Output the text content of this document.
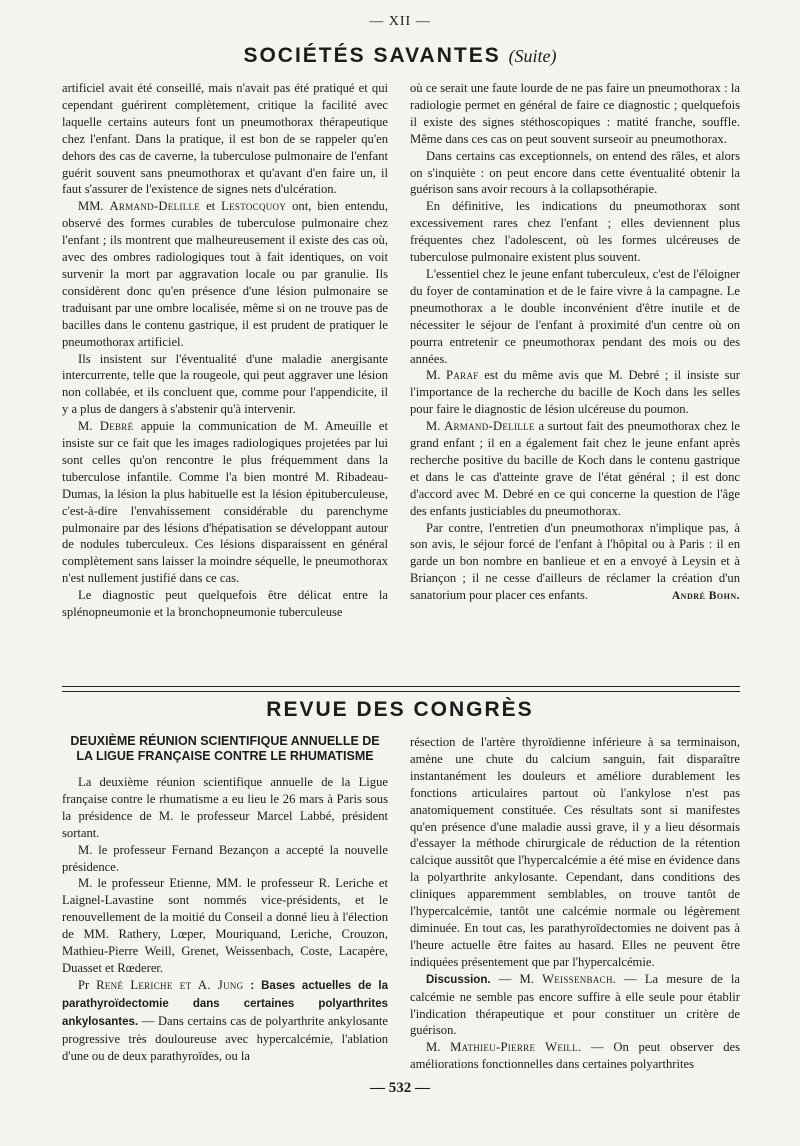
— XII —
SOCIÉTÉS SAVANTES (Suite)

artificiel avait été conseillé, mais n'avait pas été pratiqué et qui cependant guérirent complètement, critique la facilité avec laquelle certains auteurs font un pneumothorax thérapeutique chez l'enfant. Dans la pratique, il est bon de se rappeler qu'en dehors des cas de caverne, la tuberculose pulmonaire de l'enfant guérit souvent sans pneumothorax et qu'avant d'en faire un, il faut s'assurer de l'existence de signes nets d'ulcération.

MM. Armand-Delille et Lestocquoy ont, bien entendu, observé des formes curables de tuberculose pulmonaire chez l'enfant ; ils montrent que malheureusement il existe des cas où, avec des ombres radiologiques tout à fait identiques, on voit survenir la mort par aggravation locale ou par granulie. Ils considèrent donc qu'en présence d'une lésion pulmonaire se traduisant par une ombre localisée, même si on ne trouve pas de bacilles dans le contenu gastrique, il est prudent de pratiquer le pneumothorax artificiel.

Ils insistent sur l'éventualité d'une maladie anergisante intercurrente, telle que la rougeole, qui peut aggraver une lésion non collabée, et ils concluent que, comme pour l'appendicite, il y a plus de dangers à s'abstenir qu'à intervenir.

M. Debré appuie la communication de M. Ameuille et insiste sur ce fait que les images radiologiques projetées par lui sont celles qu'on rencontre le plus fréquemment dans la tuberculose infantile. Comme l'a bien montré M. Ribadeau-Dumas, la lésion la plus habituelle est la lésion épituberculeuse, c'est-à-dire l'envahissement considérable du parenchyme pulmonaire par des lésions d'hépatisation se développant autour de nodules tuberculeux. Ces lésions disparaissent en général complètement sans laisser la moindre séquelle, le pneumothorax n'est nullement justifié dans ce cas.

Le diagnostic peut quelquefois être délicat entre la splénopneumonie et la bronchopneumonie tuberculeuse

où ce serait une faute lourde de ne pas faire un pneumothorax : la radiologie permet en général de faire ce diagnostic ; quelquefois il existe des signes stéthoscopiques : matité franche, souffle. Même dans ces cas on peut souvent surseoir au pneumothorax.

Dans certains cas exceptionnels, on entend des râles, et alors on s'inquiète : on peut encore dans cette éventualité obtenir la guérison sans avoir recours à la collapsothérapie.

En définitive, les indications du pneumothorax sont excessivement rares chez l'enfant ; elles deviennent plus fréquentes chez l'adolescent, où les formes ulcéreuses de tuberculose pulmonaire existent plus souvent.

L'essentiel chez le jeune enfant tuberculeux, c'est de l'éloigner du foyer de contamination et de le faire vivre à la campagne. Le pneumothorax a le double inconvénient d'être inutile et de nécessiter le séjour de l'enfant à proximité d'un centre où on pourra entretenir ce pneumothorax pendant des mois ou des années.

M. Paraf est du même avis que M. Debré ; il insiste sur l'importance de la recherche du bacille de Koch dans les selles pour faire le diagnostic de lésion ulcéreuse du poumon.

M. Armand-Delille a surtout fait des pneumothorax chez le grand enfant ; il en a également fait chez le jeune enfant après recherche positive du bacille de Koch dans le contenu gastrique et dans le cas d'atteinte grave de l'état général ; il est donc d'accord avec M. Debré en ce qui concerne la question de l'âge des enfants justiciables du pneumothorax.

Par contre, l'entretien d'un pneumothorax n'implique pas, à son avis, le séjour forcé de l'enfant à l'hôpital ou à Paris : il en garde un bon nombre en banlieue et en a envoyé à Leysin et à Briançon ; il ne cesse d'ailleurs de réclamer la création d'un sanatorium pour placer ces enfants.	André Bohn.
REVUE DES CONGRÈS
DEUXIÈME RÉUNION SCIENTIFIQUE ANNUELLE DE LA LIGUE FRANÇAISE CONTRE LE RHUMATISME

La deuxième réunion scientifique annuelle de la Ligue française contre le rhumatisme a eu lieu le 26 mars à Paris sous la présidence de M. le professeur Marcel Labbé, président sortant.

M. le professeur Fernand Bezançon a accepté la nouvelle présidence.

M. le professeur Etienne, MM. le professeur R. Leriche et Laignel-Lavastine sont nommés vice-présidents, et le renouvellement de la moitié du Conseil a donné lieu à l'élection de MM. Rathery, Lœper, Mouriquand, Leriche, Crouzon, Mathieu-Pierre Weill, Grenet, Weissenbach, Coste, Lacapère, Duasset et Rœderer.

Pr René Leriche et A. Jung : Bases actuelles de la parathyroïdectomie dans certaines polyarthrites ankylosantes. — Dans certains cas de polyarthrite ankylosante progressive très douloureuse avec hypercalcémie, l'ablation d'une ou de deux parathyroïdes, ou la

résection de l'artère thyroïdienne inférieure à sa terminaison, amène une chute du calcium sanguin, fait disparaître instantanément les douleurs et améliore durablement les fonctions articulaires partout où l'ankylose n'est pas anatomiquement constituée. Ces résultats sont si manifestes qu'en présence d'une maladie aussi grave, il y a lieu désormais d'essayer la méthode chirurgicale de réduction de la rétention calcique aussitôt que l'hypercalcémie a été mise en évidence dans la polyarthrite ankylosante. Cependant, dans conditions des cliniques apparemment semblables, on trouve tantôt de l'hypercalcémie, tantôt une calcémie normale ou légèrement diminuée. En tout cas, les parathyroïdectomies ne doivent pas à l'heure actuelle être faites au hasard. Elles ne peuvent être indiquées présentement que par l'hypercalcémie.

Discussion. — M. Weissenbach. — La mesure de la calcémie ne semble pas encore suffire à elle seule pour établir l'indication thérapeutique et pour constituer un critère de guérison.

M. Mathieu-Pierre Weill. — On peut observer des améliorations fonctionnelles dans certaines polyarthrites

— 532 —
